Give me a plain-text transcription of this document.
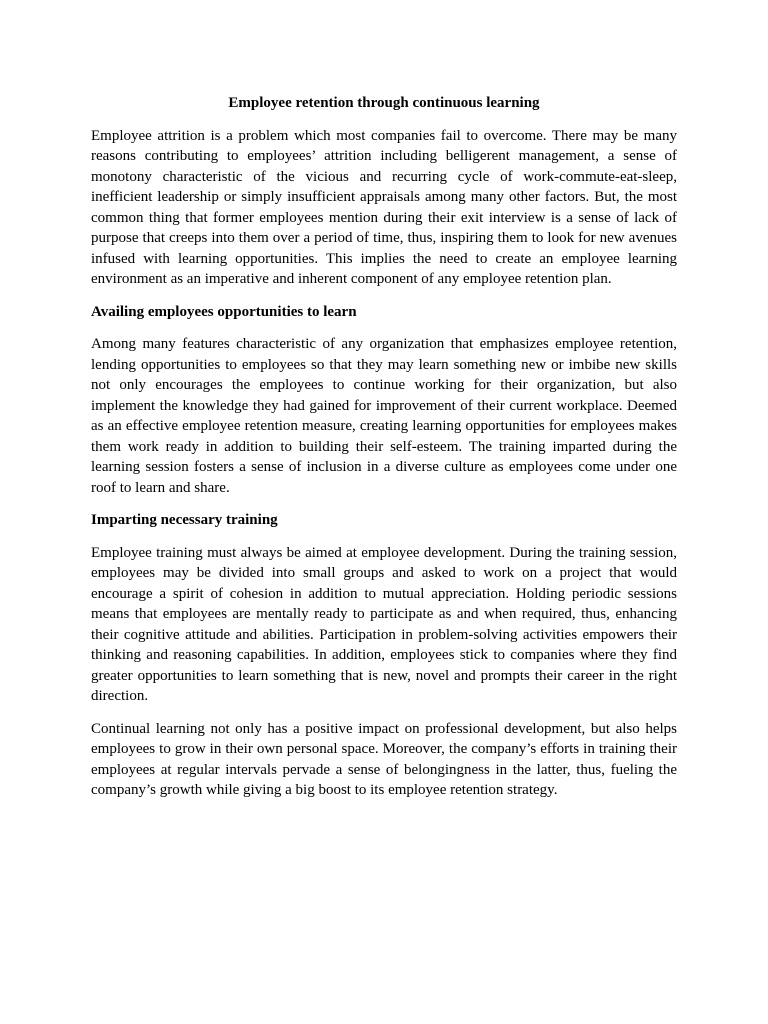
Employee retention through continuous learning

Employee attrition is a problem which most companies fail to overcome. There may be many reasons contributing to employees’ attrition including belligerent management, a sense of monotony characteristic of the vicious and recurring cycle of work-commute-eat-sleep, inefficient leadership or simply insufficient appraisals among many other factors. But, the most common thing that former employees mention during their exit interview is a sense of lack of purpose that creeps into them over a period of time, thus, inspiring them to look for new avenues infused with learning opportunities. This implies the need to create an employee learning environment as an imperative and inherent component of any employee retention plan.

Availing employees opportunities to learn

Among many features characteristic of any organization that emphasizes employee retention, lending opportunities to employees so that they may learn something new or imbibe new skills not only encourages the employees to continue working for their organization, but also implement the knowledge they had gained for improvement of their current workplace. Deemed as an effective employee retention measure, creating learning opportunities for employees makes them work ready in addition to building their self-esteem. The training imparted during the learning session fosters a sense of inclusion in a diverse culture as employees come under one roof to learn and share.

Imparting necessary training

Employee training must always be aimed at employee development. During the training session, employees may be divided into small groups and asked to work on a project that would encourage a spirit of cohesion in addition to mutual appreciation. Holding periodic sessions means that employees are mentally ready to participate as and when required, thus, enhancing their cognitive attitude and abilities. Participation in problem-solving activities empowers their thinking and reasoning capabilities. In addition, employees stick to companies where they find greater opportunities to learn something that is new, novel and prompts their career in the right direction.

Continual learning not only has a positive impact on professional development, but also helps employees to grow in their own personal space. Moreover, the company’s efforts in training their employees at regular intervals pervade a sense of belongingness in the latter, thus, fueling the company’s growth while giving a big boost to its employee retention strategy.
